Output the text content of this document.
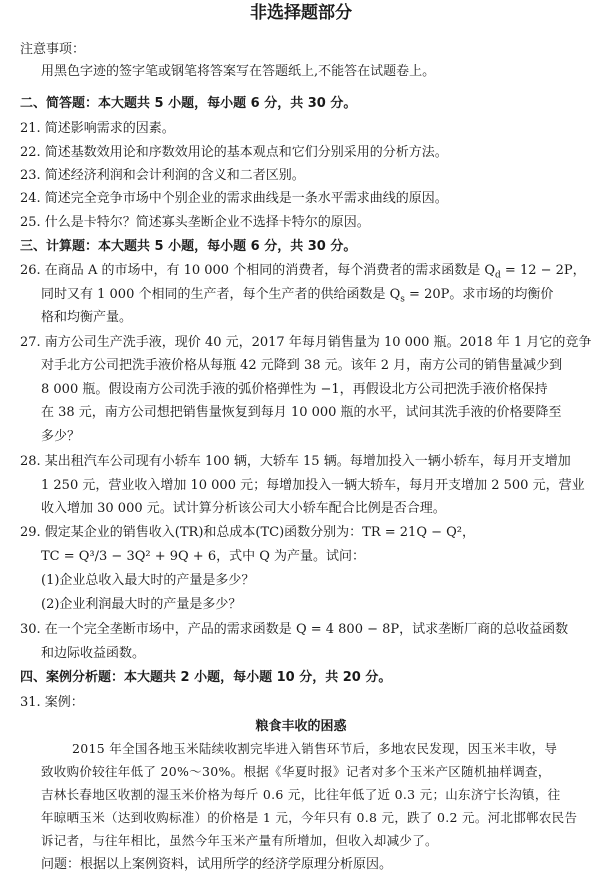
非选择题部分
注意事项：
用黑色字迹的签字笔或钢笔将答案写在答题纸上,不能答在试题卷上。
二、简答题：本大题共 5 小题，每小题 6 分，共 30 分。
21. 简述影响需求的因素。
22. 简述基数效用论和序数效用论的基本观点和它们分别采用的分析方法。
23. 简述经济利润和会计利润的含义和二者区别。
24. 简述完全竞争市场中个别企业的需求曲线是一条水平需求曲线的原因。
25. 什么是卡特尔？简述寡头垄断企业不选择卡特尔的原因。
三、计算题：本大题共 5 小题，每小题 6 分，共 30 分。
26. 在商品 A 的市场中，有 10 000 个相同的消费者，每个消费者的需求函数是 $Q_d = 12 - 2P$，
同时又有 1 000 个相同的生产者，每个生产者的供给函数是 $Q_s = 20P$。求市场的均衡价
格和均衡产量。
27. 南方公司生产洗手液，现价 40 元，2017 年每月销售量为 10 000 瓶。2018 年 1 月它的竞争
对手北方公司把洗手液价格从每瓶 42 元降到 38 元。该年 2 月，南方公司的销售量减少到
8 000 瓶。假设南方公司洗手液的弧价格弹性为 −1，再假设北方公司把洗手液价格保持
在 38 元，南方公司想把销售量恢复到每月 10 000 瓶的水平，试问其洗手液的价格要降至
多少？
28. 某出租汽车公司现有小轿车 100 辆，大轿车 15 辆。每增加投入一辆小轿车，每月开支增加
1 250 元，营业收入增加 10 000 元；每增加投入一辆大轿车，每月开支增加 2 500 元，营业
收入增加 30 000 元。试计算分析该公司大小轿车配合比例是否合理。
29. 假定某企业的销售收入(TR)和总成本(TC)函数分别为：TR = 21Q − Q²，
TC = Q³/3 − 3Q² + 9Q + 6，式中 Q 为产量。试问：
(1)企业总收入最大时的产量是多少？
(2)企业利润最大时的产量是多少？
30. 在一个完全垄断市场中，产品的需求函数是 Q = 4 800 − 8P，试求垄断厂商的总收益函数
和边际收益函数。
四、案例分析题：本大题共 2 小题，每小题 10 分，共 20 分。
31. 案例：
粮食丰收的困惑
2015 年全国各地玉米陆续收割完毕进入销售环节后，多地农民发现，因玉米丰收，导
致收购价较往年低了 20%～30%。根据《华夏时报》记者对多个玉米产区随机抽样调查，
吉林长春地区收割的湿玉米价格为每斤 0.6 元，比往年低了近 0.3 元；山东济宁长沟镇，往
年晾晒玉米（达到收购标准）的价格是 1 元，今年只有 0.8 元，跌了 0.2 元。河北邯郸农民告
诉记者，与往年相比，虽然今年玉米产量有所增加，但收入却减少了。
问题：根据以上案例资料，试用所学的经济学原理分析原因。
